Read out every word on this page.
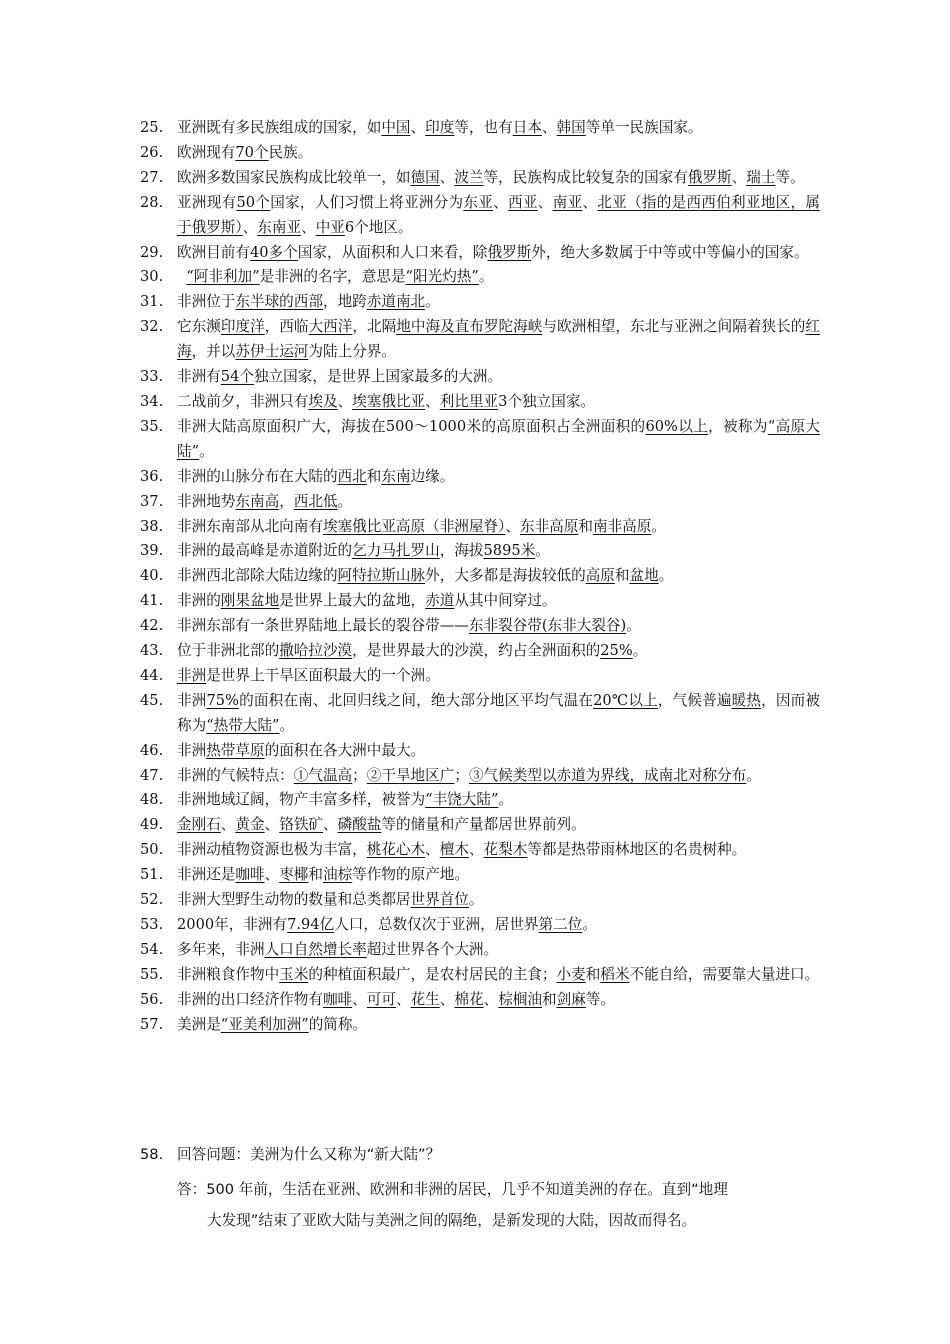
25. 亚洲既有多民族组成的国家，如中国、印度等，也有日本、韩国等单一民族国家。
26. 欧洲现有70个民族。
27. 欧洲多数国家民族构成比较单一，如德国、波兰等，民族构成比较复杂的国家有俄罗斯、瑞士等。
28. 亚洲现有50个国家，人们习惯上将亚洲分为东亚、西亚、南亚、北亚（指的是西西伯利亚地区，属于俄罗斯）、东南亚、中亚6个地区。
29. 欧洲目前有40多个国家，从面积和人口来看，除俄罗斯外，绝大多数属于中等或中等偏小的国家。
30.	“阿非利加”是非洲的名字，意思是“阳光灼热”。
31. 非洲位于东半球的西部，地跨赤道南北。
32. 它东濒印度洋，西临大西洋，北隔地中海及直布罗陀海峡与欧洲相望，东北与亚洲之间隔着狭长的红海，并以苏伊士运河为陆上分界。
33. 非洲有54个独立国家，是世界上国家最多的大洲。
34. 二战前夕，非洲只有埃及、埃塞俄比亚、利比里亚3个独立国家。
35. 非洲大陆高原面积广大，海拔在500～1000米的高原面积占全洲面积的60%以上，被称为“高原大陆”。
36. 非洲的山脉分布在大陆的西北和东南边缘。
37. 非洲地势东南高，西北低。
38. 非洲东南部从北向南有埃塞俄比亚高原（非洲屋脊）、东非高原和南非高原。
39. 非洲的最高峰是赤道附近的乞力马扎罗山，海拔5895米。
40. 非洲西北部除大陆边缘的阿特拉斯山脉外，大多都是海拔较低的高原和盆地。
41. 非洲的刚果盆地是世界上最大的盆地，赤道从其中间穿过。
42. 非洲东部有一条世界陆地上最长的裂谷带——东非裂谷带(东非大裂谷)。
43. 位于非洲北部的撒哈拉沙漠，是世界最大的沙漠，约占全洲面积的25%。
44. 非洲是世界上干旱区面积最大的一个洲。
45. 非洲75%的面积在南、北回归线之间，绝大部分地区平均气温在20℃以上，气候普遍暖热，因而被称为“热带大陆”。
46. 非洲热带草原的面积在各大洲中最大。
47. 非洲的气候特点：①气温高；②干旱地区广；③气候类型以赤道为界线，成南北对称分布。
48. 非洲地域辽阔，物产丰富多样，被誉为“丰饶大陆”。
49. 金刚石、黄金、铬铁矿、磷酸盐等的储量和产量都居世界前列。
50. 非洲动植物资源也极为丰富，桃花心木、檀木、花梨木等都是热带雨林地区的名贵树种。
51. 非洲还是咖啡、枣椰和油棕等作物的原产地。
52. 非洲大型野生动物的数量和总类都居世界首位。
53. 2000年，非洲有7.94亿人口，总数仅次于亚洲，居世界第二位。
54. 多年来，非洲人口自然增长率超过世界各个大洲。
55. 非洲粮食作物中玉米的种植面积最广，是农村居民的主食；小麦和稻米不能自给，需要靠大量进口。
56. 非洲的出口经济作物有咖啡、可可、花生、棉花、棕榈油和剑麻等。
57. 美洲是“亚美利加洲”的简称。
58. 回答问题：美洲为什么又称为“新大陆”？
答：500 年前，生活在亚洲、欧洲和非洲的居民，几乎不知道美洲的存在。直到“地理
大发现”结束了亚欧大陆与美洲之间的隔绝，是新发现的大陆，因故而得名。
